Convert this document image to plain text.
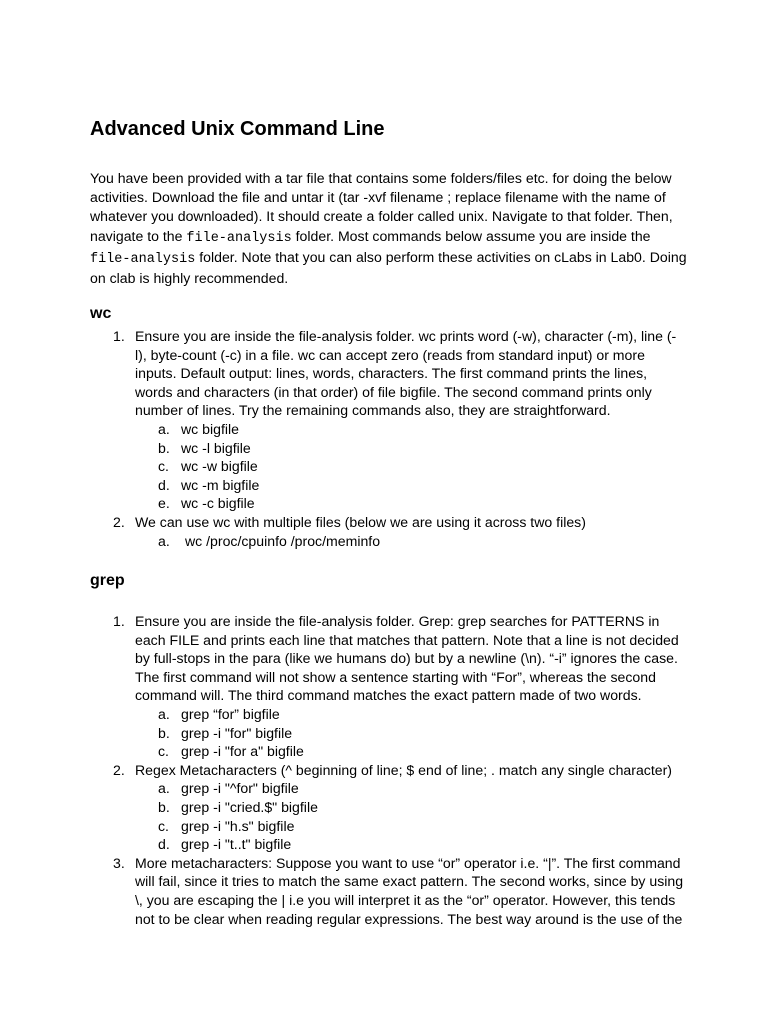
Advanced Unix Command Line

You have been provided with a tar file that contains some folders/files etc. for doing the below activities. Download the file and untar it (tar -xvf filename ; replace filename with the name of whatever you downloaded). It should create a folder called unix. Navigate to that folder. Then, navigate to the file-analysis folder. Most commands below assume you are inside the file-analysis folder. Note that you can also perform these activities on cLabs in Lab0. Doing on clab is highly recommended.

wc
1. Ensure you are inside the file-analysis folder. wc prints word (-w), character (-m), line (-l), byte-count (-c) in a file. wc can accept zero (reads from standard input) or more inputs. Default output: lines, words, characters. The first command prints the lines, words and characters (in that order) of file bigfile. The second command prints only number of lines. Try the remaining commands also, they are straightforward.
a. wc bigfile
b. wc -l bigfile
c. wc -w bigfile
d. wc -m bigfile
e. wc -c bigfile
2. We can use wc with multiple files (below we are using it across two files)
a. wc /proc/cpuinfo /proc/meminfo
grep
1. Ensure you are inside the file-analysis folder. Grep: grep searches for PATTERNS in each FILE and prints each line that matches that pattern. Note that a line is not decided by full-stops in the para (like we humans do) but by a newline (\n). “-i” ignores the case. The first command will not show a sentence starting with “For”, whereas the second command will. The third command matches the exact pattern made of two words.
a. grep “for” bigfile
b. grep -i "for" bigfile
c. grep -i "for a" bigfile
2. Regex Metacharacters (^ beginning of line; $ end of line; . match any single character)
a. grep -i "^for" bigfile
b. grep -i "cried.$" bigfile
c. grep -i "h.s" bigfile
d. grep -i "t..t" bigfile
3. More metacharacters: Suppose you want to use “or” operator i.e. “|”. The first command will fail, since it tries to match the same exact pattern. The second works, since by using \, you are escaping the | i.e you will interpret it as the “or” operator. However, this tends not to be clear when reading regular expressions. The best way around is the use of the
